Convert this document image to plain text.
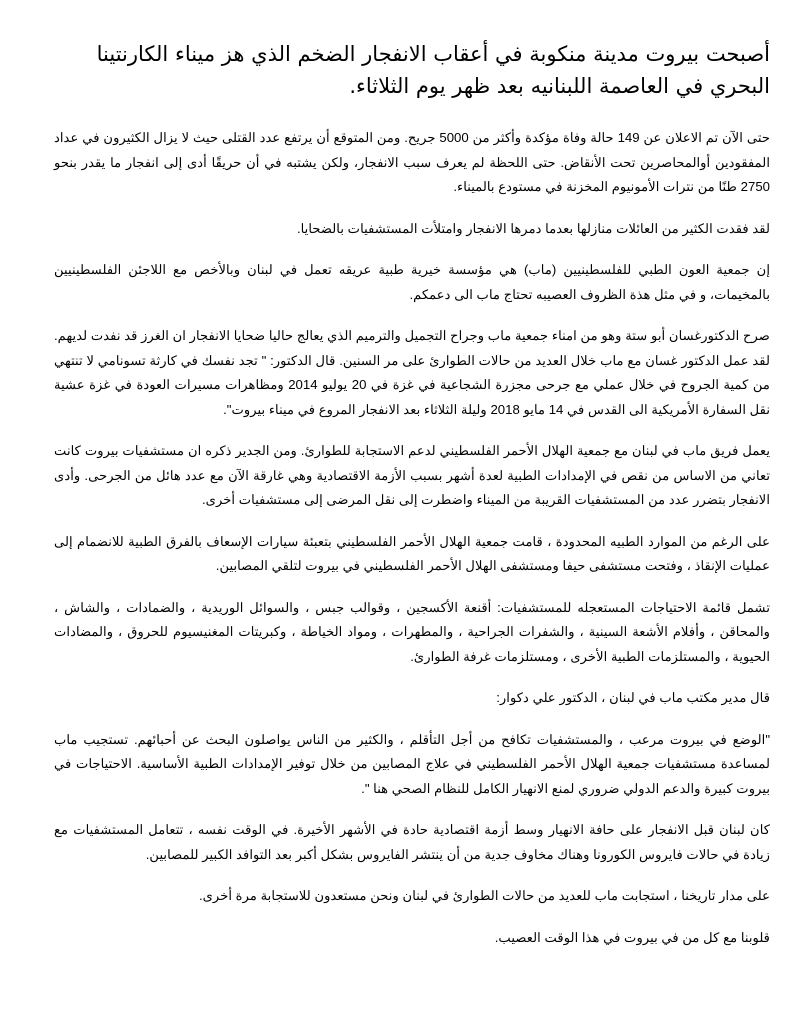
أصبحت بيروت مدينة منكوبة في أعقاب الانفجار الضخم الذي هز ميناء الكارنتينا البحري في العاصمة اللبنانيه بعد ظهر يوم الثلاثاء.

حتى الآن تم الاعلان عن 149 حالة وفاة مؤكدة وأكثر من 5000 جريح. ومن المتوقع أن يرتفع عدد القتلى حيث لا يزال الكثيرون في عداد المفقودين أوالمحاصرين تحت الأنقاض. حتى اللحظة لم يعرف سبب الانفجار، ولكن يشتبه في أن حريقًا أدى إلى انفجار ما يقدر بنحو 2750 طنًا من نترات الأمونيوم المخزنة في مستودع بالميناء.

لقد فقدت الكثير من العائلات منازلها بعدما دمرها الانفجار وامتلأت المستشفيات بالضحايا.

إن جمعية العون الطبي للفلسطينيين (ماب) هي مؤسسة خيرية طبية عريقه تعمل في لبنان وبالأخص مع اللاجئن الفلسطينيين بالمخيمات، و في مثل هذة الظروف العصيبه تحتاج ماب الى دعمكم.

صرح الدكتورغسان أبو ستة وهو من امناء جمعية ماب وجراح التجميل والترميم الذي يعالج حاليا ضحايا الانفجار ان الغرز قد نفدت لديهم. لقد عمل الدكتور غسان مع ماب خلال العديد من حالات الطوارئ على مر السنين. قال الدكتور: " تجد نفسك في كارثة تسونامي لا تنتهي من كمية الجروح في خلال عملي مع جرحى مجزرة الشجاعية في غزة في 20 يوليو 2014 ومظاهرات مسيرات العودة في غزة عشية نقل السفارة الأمريكية الى القدس في 14 مايو 2018 وليلة الثلاثاء بعد الانفجار المروع في ميناء بيروت".

يعمل فريق ماب في لبنان مع جمعية الهلال الأحمر الفلسطيني لدعم الاستجابة للطوارئ. ومن الجدير ذكره ان مستشفيات بيروت كانت تعاني من الاساس من نقص في الإمدادات الطبية لعدة أشهر بسبب الأزمة الاقتصادية وهي غارقة الآن مع عدد هائل من الجرحى. وأدى الانفجار بتضرر عدد من المستشفيات القريبة من الميناء واضطرت إلى نقل المرضى إلى مستشفيات أخرى.

على الرغم من الموارد الطبيه المحدودة ، قامت جمعية الهلال الأحمر الفلسطيني بتعبئة سيارات الإسعاف بالفرق الطبية للانضمام إلى عمليات الإنقاذ ، وفتحت مستشفى حيفا ومستشفى الهلال الأحمر الفلسطيني في بيروت لتلقي المصابين.

تشمل قائمة الاحتياجات المستعجله للمستشفيات: أقنعة الأكسجين ، وقوالب جبس ، والسوائل الوريدية ، والضمادات ، والشاش ، والمحاقن ، وأفلام الأشعة السينية ، والشفرات الجراحية ، والمطهرات ، ومواد الخياطة ، وكبريتات المغنيسيوم للحروق ، والمضادات الحيوية ، والمستلزمات الطبية الأخرى ، ومستلزمات غرفة الطوارئ.

قال مدير مكتب ماب في لبنان ، الدكتور علي دكوار:

"الوضع في بيروت مرعب ، والمستشفيات تكافح من أجل التأقلم ، والكثير من الناس يواصلون البحث عن أحبائهم. تستجيب ماب لمساعدة مستشفيات جمعية الهلال الأحمر الفلسطيني في علاج المصابين من خلال توفير الإمدادات الطبية الأساسية. الاحتياجات في بيروت كبيرة والدعم الدولي ضروري لمنع الانهيار الكامل للنظام الصحي هنا ".

كان لبنان قبل الانفجار على حافة الانهيار وسط أزمة اقتصادية حادة في الأشهر الأخيرة. في الوقت نفسه ، تتعامل المستشفيات مع زيادة في حالات فايروس الكورونا وهناك مخاوف جدية من أن ينتشر الفايروس بشكل أكبر بعد التوافد الكبير للمصابين.

على مدار تاريخنا ، استجابت ماب للعديد من حالات الطوارئ في لبنان ونحن مستعدون للاستجابة مرة أخرى.

قلوبنا مع كل من في بيروت في هذا الوقت العصيب.
